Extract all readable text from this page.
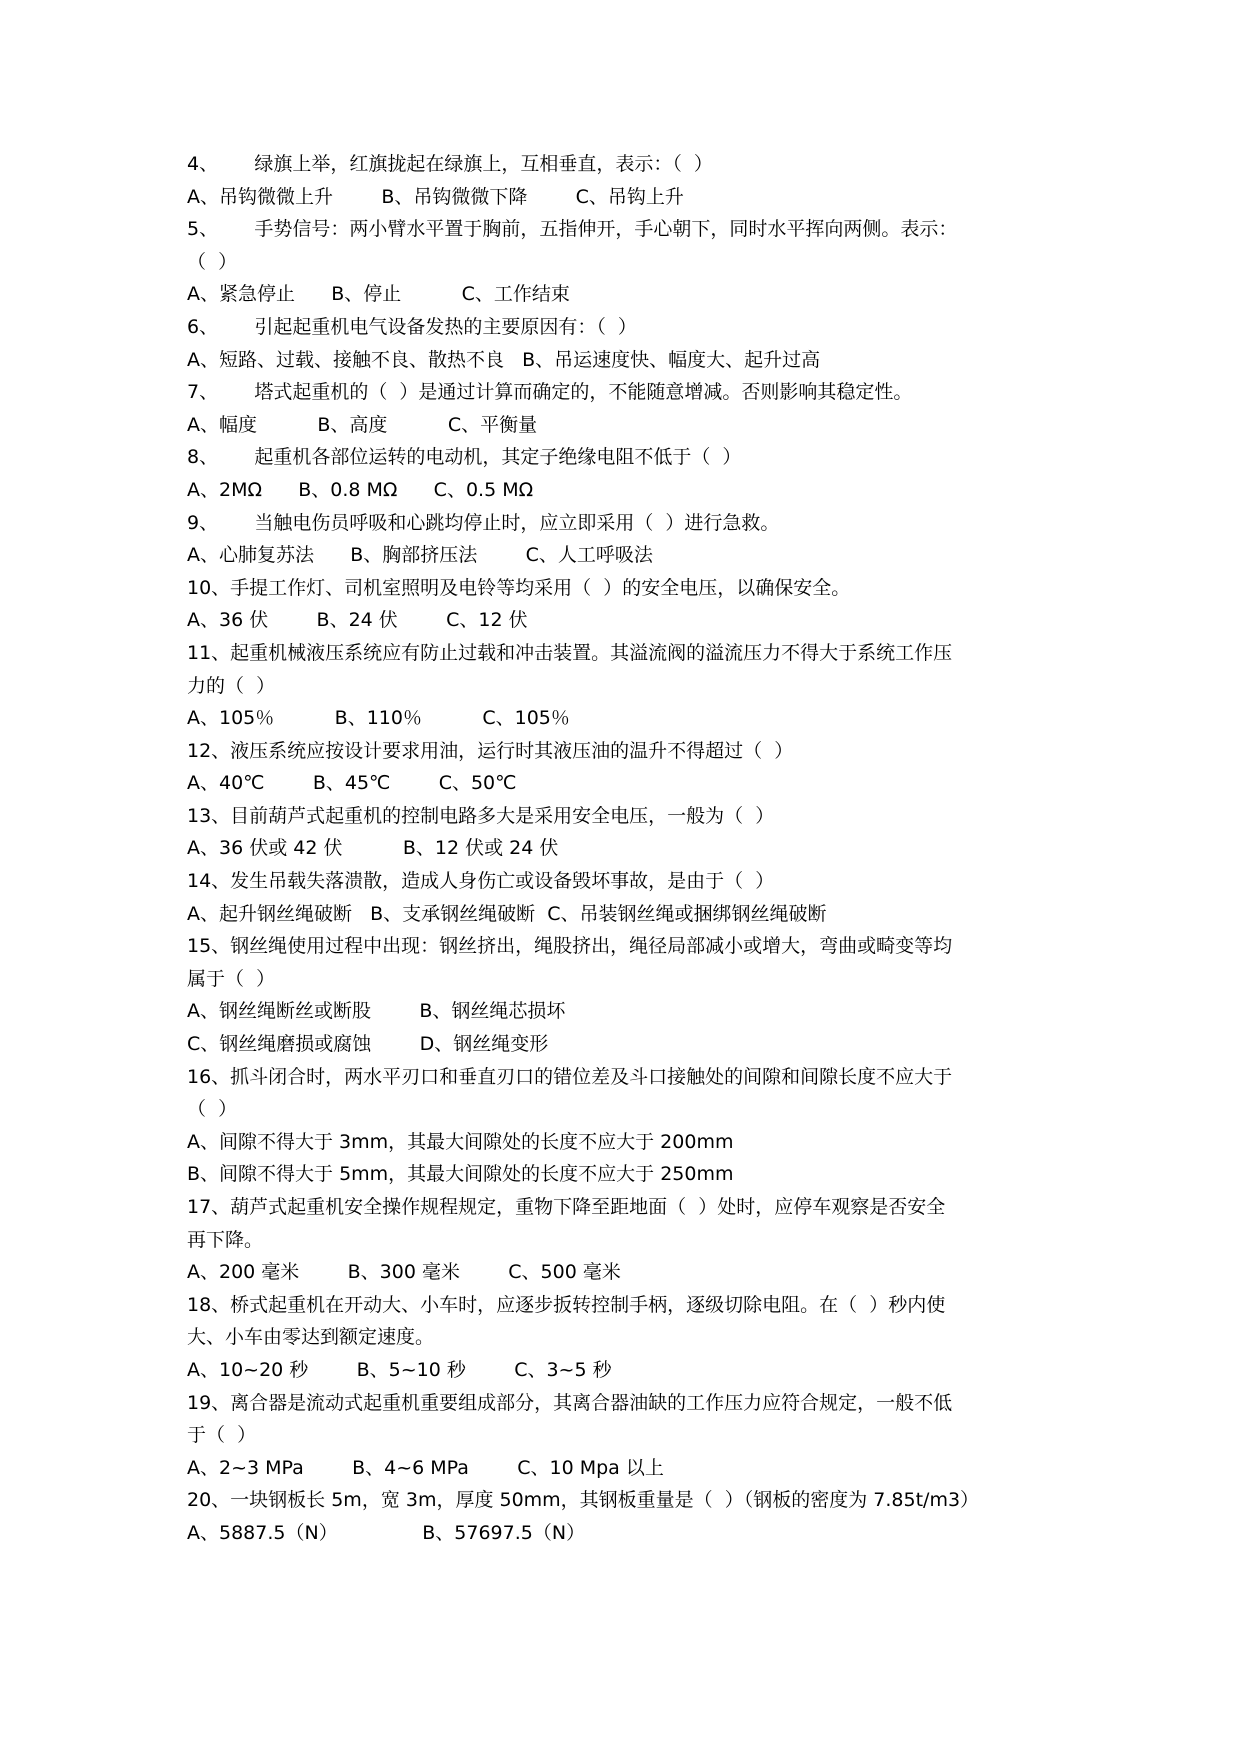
4、      绿旗上举，红旗拢起在绿旗上，互相垂直，表示：（  ）
A、吊钩微微上升        B、吊钩微微下降        C、吊钩上升
5、      手势信号：两小臂水平置于胸前，五指伸开，手心朝下，同时水平挥向两侧。表示：
（  ）
A、紧急停止      B、停止          C、工作结束
6、      引起起重机电气设备发热的主要原因有：（  ）
A、短路、过载、接触不良、散热不良   B、吊运速度快、幅度大、起升过高
7、      塔式起重机的（  ）是通过计算而确定的，不能随意增减。否则影响其稳定性。
A、幅度          B、高度          C、平衡量
8、      起重机各部位运转的电动机，其定子绝缘电阻不低于（  ）
A、2MΩ      B、0.8 MΩ      C、0.5 MΩ
9、      当触电伤员呼吸和心跳均停止时，应立即采用（  ）进行急救。
A、心肺复苏法      B、胸部挤压法        C、人工呼吸法
10、手提工作灯、司机室照明及电铃等均采用（  ）的安全电压，以确保安全。
A、36 伏        B、24 伏        C、12 伏
11、起重机械液压系统应有防止过载和冲击装置。其溢流阀的溢流压力不得大于系统工作压
力的（  ）
A、105％          B、110％          C、105％
12、液压系统应按设计要求用油，运行时其液压油的温升不得超过（  ）
A、40℃        B、45℃        C、50℃
13、目前葫芦式起重机的控制电路多大是采用安全电压，一般为（  ）
A、36 伏或 42 伏          B、12 伏或 24 伏
14、发生吊载失落溃散，造成人身伤亡或设备毁坏事故，是由于（  ）
A、起升钢丝绳破断   B、支承钢丝绳破断  C、吊装钢丝绳或捆绑钢丝绳破断
15、钢丝绳使用过程中出现：钢丝挤出，绳股挤出，绳径局部减小或增大，弯曲或畸变等均
属于（  ）
A、钢丝绳断丝或断股        B、钢丝绳芯损坏
C、钢丝绳磨损或腐蚀        D、钢丝绳变形
16、抓斗闭合时，两水平刃口和垂直刃口的错位差及斗口接触处的间隙和间隙长度不应大于
（  ）
A、间隙不得大于 3mm，其最大间隙处的长度不应大于 200mm
B、间隙不得大于 5mm，其最大间隙处的长度不应大于 250mm
17、葫芦式起重机安全操作规程规定，重物下降至距地面（  ）处时，应停车观察是否安全
再下降。
A、200 毫米        B、300 毫米        C、500 毫米
18、桥式起重机在开动大、小车时，应逐步扳转控制手柄，逐级切除电阻。在（  ）秒内使
大、小车由零达到额定速度。
A、10~20 秒        B、5~10 秒        C、3~5 秒
19、离合器是流动式起重机重要组成部分，其离合器油缺的工作压力应符合规定，一般不低
于（  ）
A、2~3 MPa        B、4~6 MPa        C、10 Mpa 以上
20、一块钢板长 5m，宽 3m，厚度 50mm，其钢板重量是（  ）（钢板的密度为 7.85t/m3）
A、5887.5（N）              B、57697.5（N）
